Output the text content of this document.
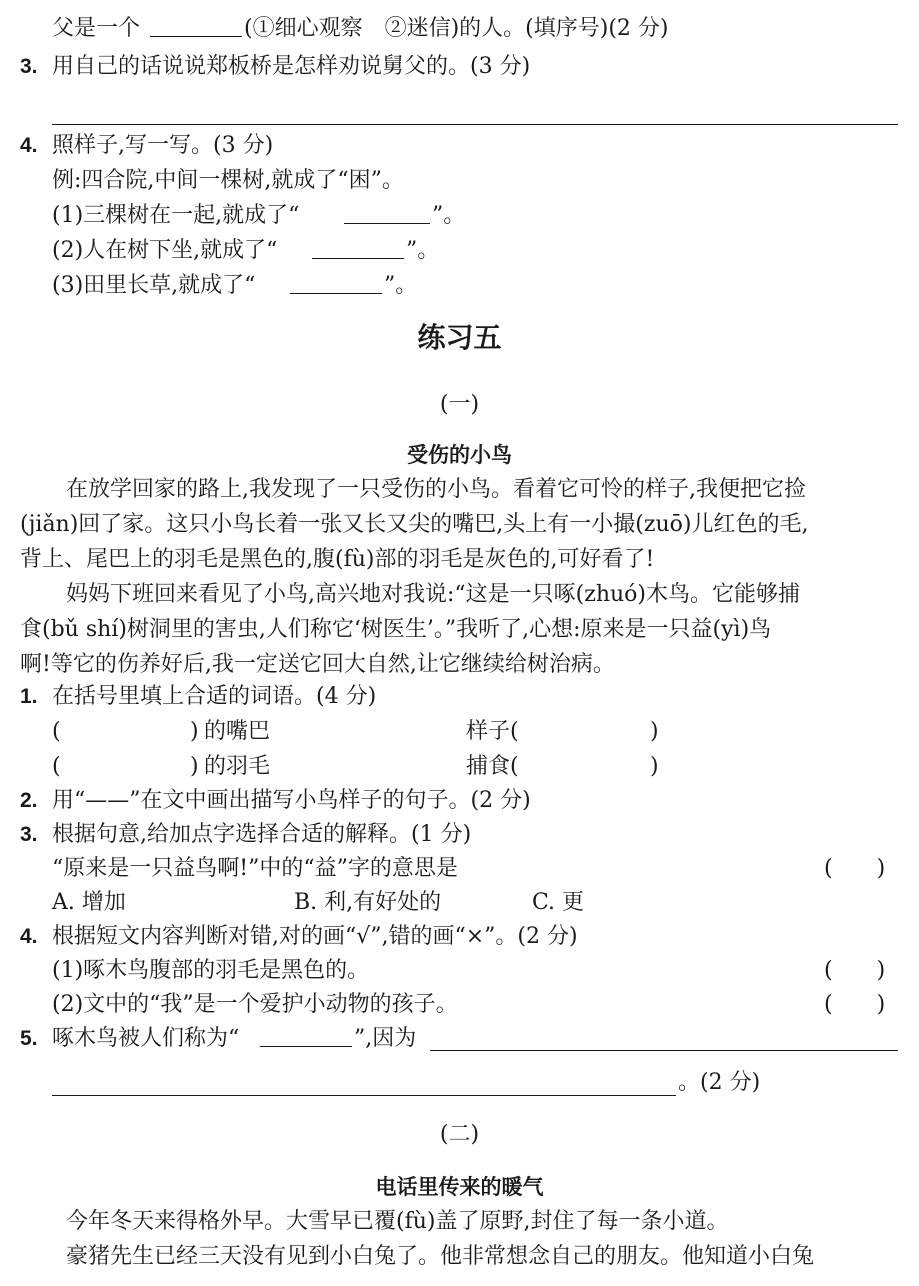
父是一个	(①细心观察　②迷信)的人。(填序号)(2 分)
3. 用自己的话说说郑板桥是怎样劝说舅父的。(3 分)
4. 照样子,写一写。(3 分)
例:四合院,中间一棵树,就成了“困”。
(1)三棵树在一起,就成了“	”。
(2)人在树下坐,就成了“	”。
(3)田里长草,就成了“	”。
练习五
(一)
受伤的小鸟
在放学回家的路上,我发现了一只受伤的小鸟。看着它可怜的样子,我便把它捡
(jiǎn)回了家。这只小鸟长着一张又长又尖的嘴巴,头上有一小撮(zuō)儿红色的毛,
背上、尾巴上的羽毛是黑色的,腹(fù)部的羽毛是灰色的,可好看了!
妈妈下班回来看见了小鸟,高兴地对我说:“这是一只啄(zhuó)木鸟。它能够捕
食(bǔ shí)树洞里的害虫,人们称它‘树医生’。”我听了,心想:原来是一只益(yì)鸟
啊!等它的伤养好后,我一定送它回大自然,让它继续给树治病。
1. 在括号里填上合适的词语。(4 分)
(	) 的嘴巴	样子(	)
(	) 的羽毛	捕食(	)
2. 用“——”在文中画出描写小鸟样子的句子。(2 分)
3. 根据句意,给加点字选择合适的解释。(1 分)
“原来是一只益鸟啊!”中的“益”字的意思是	(　　)
A. 增加	B. 利,有好处的	C. 更
4. 根据短文内容判断对错,对的画“√”,错的画“×”。(2 分)
(1)啄木鸟腹部的羽毛是黑色的。	(　　)
(2)文中的“我”是一个爱护小动物的孩子。	(　　)
5. 啄木鸟被人们称为“	”,因为
。(2 分)
(二)
电话里传来的暖气
今年冬天来得格外早。大雪早已覆(fù)盖了原野,封住了每一条小道。
豪猪先生已经三天没有见到小白兔了。他非常想念自己的朋友。他知道小白兔
